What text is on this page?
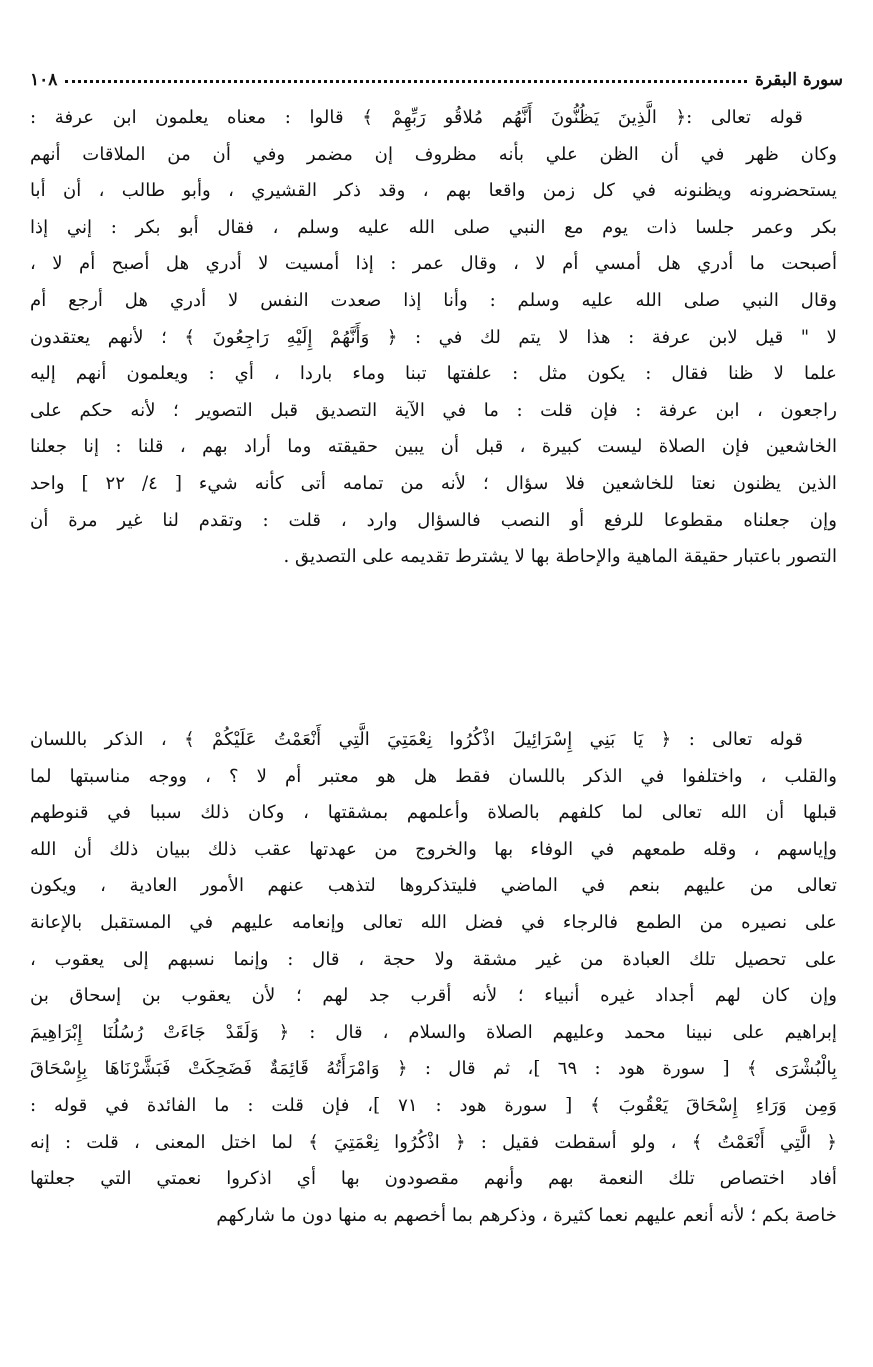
سورة البقرة
١٠٨
قوله تعالى :﴿ الَّذِينَ يَظُنُّونَ أَنَّهُم مُلاقُو رَبِّهِمْ ﴾ قالوا : معناه يعلمون ابن عرفة :
وكان ظهر في أن الظن علي بأنه مظروف إن مضمر وفي أن من الملاقات أنهم
يستحضرونه ويظنونه في كل زمن واقعا بهم ، وقد ذكر القشيري ، وأبو طالب ، أن أبا
بكر وعمر جلسا ذات يوم مع النبي صلى الله عليه وسلم ، فقال أبو بكر : إني إذا
أصبحت ما أدري هل أمسي أم لا ، وقال عمر : إذا أمسيت لا أدري هل أصبح أم لا ،
وقال النبي صلى الله عليه وسلم : وأنا إذا صعدت النفس لا أدري هل أرجع أم
لا " قيل لابن عرفة : هذا لا يتم لك في : ﴿ وَأَنَّهُمْ إِلَيْهِ رَاجِعُونَ ﴾ ؛ لأنهم يعتقدون
علما لا ظنا فقال : يكون مثل : علفتها تبنا وماء باردا ، أي : ويعلمون أنهم إليه
راجعون ، ابن عرفة : فإن قلت : ما في الآية التصديق قبل التصوير ؛ لأنه حكم على
الخاشعين فإن الصلاة ليست كبيرة ، قبل أن يبين حقيقته وما أراد بهم ، قلنا : إنا جعلنا
الذين يظنون نعتا للخاشعين فلا سؤال ؛ لأنه من تمامه أتى كأنه شيء [ ٤/ ٢٢ ] واحد
وإن جعلناه مقطوعا للرفع أو النصب فالسؤال وارد ، قلت : وتقدم لنا غير مرة أن
التصور باعتبار حقيقة الماهية والإحاطة بها لا يشترط تقديمه على التصديق .
قوله تعالى : ﴿ يَا بَنِي إِسْرَائِيلَ اذْكُرُوا نِعْمَتِيَ الَّتِي أَنْعَمْتُ عَلَيْكُمْ ﴾ ، الذكر باللسان
والقلب ، واختلفوا في الذكر باللسان فقط هل هو معتبر أم لا ؟ ، ووجه مناسبتها لما
قبلها أن الله تعالى لما كلفهم بالصلاة وأعلمهم بمشقتها ، وكان ذلك سببا في قنوطهم
وإياسهم ، وقله طمعهم في الوفاء بها والخروج من عهدتها عقب ذلك ببيان ذلك أن الله
تعالى من عليهم بنعم في الماضي فليتذكروها لتذهب عنهم الأمور العادية ، ويكون
على نصيره من الطمع فالرجاء في فضل الله تعالى وإنعامه عليهم في المستقبل بالإعانة
على تحصيل تلك العبادة من غير مشقة ولا حجة ، قال : وإنما نسبهم إلى يعقوب ،
وإن كان لهم أجداد غيره أنبياء ؛ لأنه أقرب جد لهم ؛ لأن يعقوب بن إسحاق بن
إبراهيم على نبينا محمد وعليهم الصلاة والسلام ، قال : ﴿ وَلَقَدْ جَاءَتْ رُسُلُنَا إِبْرَاهِيمَ
بِالْبُشْرَى ﴾ [ سورة هود : ٦٩ ]، ثم قال : ﴿ وَامْرَأَتُهُ قَائِمَةٌ فَضَحِكَتْ فَبَشَّرْنَاهَا بِإِسْحَاقَ
وَمِن وَرَاءِ إِسْحَاقَ يَعْقُوبَ ﴾ [ سورة هود : ٧١ ]، فإن قلت : ما الفائدة في قوله :
﴿ الَّتِي أَنْعَمْتُ ﴾ ، ولو أسقطت فقيل : ﴿ اذْكُرُوا نِعْمَتِيَ ﴾ لما اختل المعنى ، قلت : إنه
أفاد اختصاص تلك النعمة بهم وأنهم مقصودون بها أي اذكروا نعمتي التي جعلتها
خاصة بكم ؛ لأنه أنعم عليهم نعما كثيرة ، وذكرهم بما أخصهم به منها دون ما شاركهم
